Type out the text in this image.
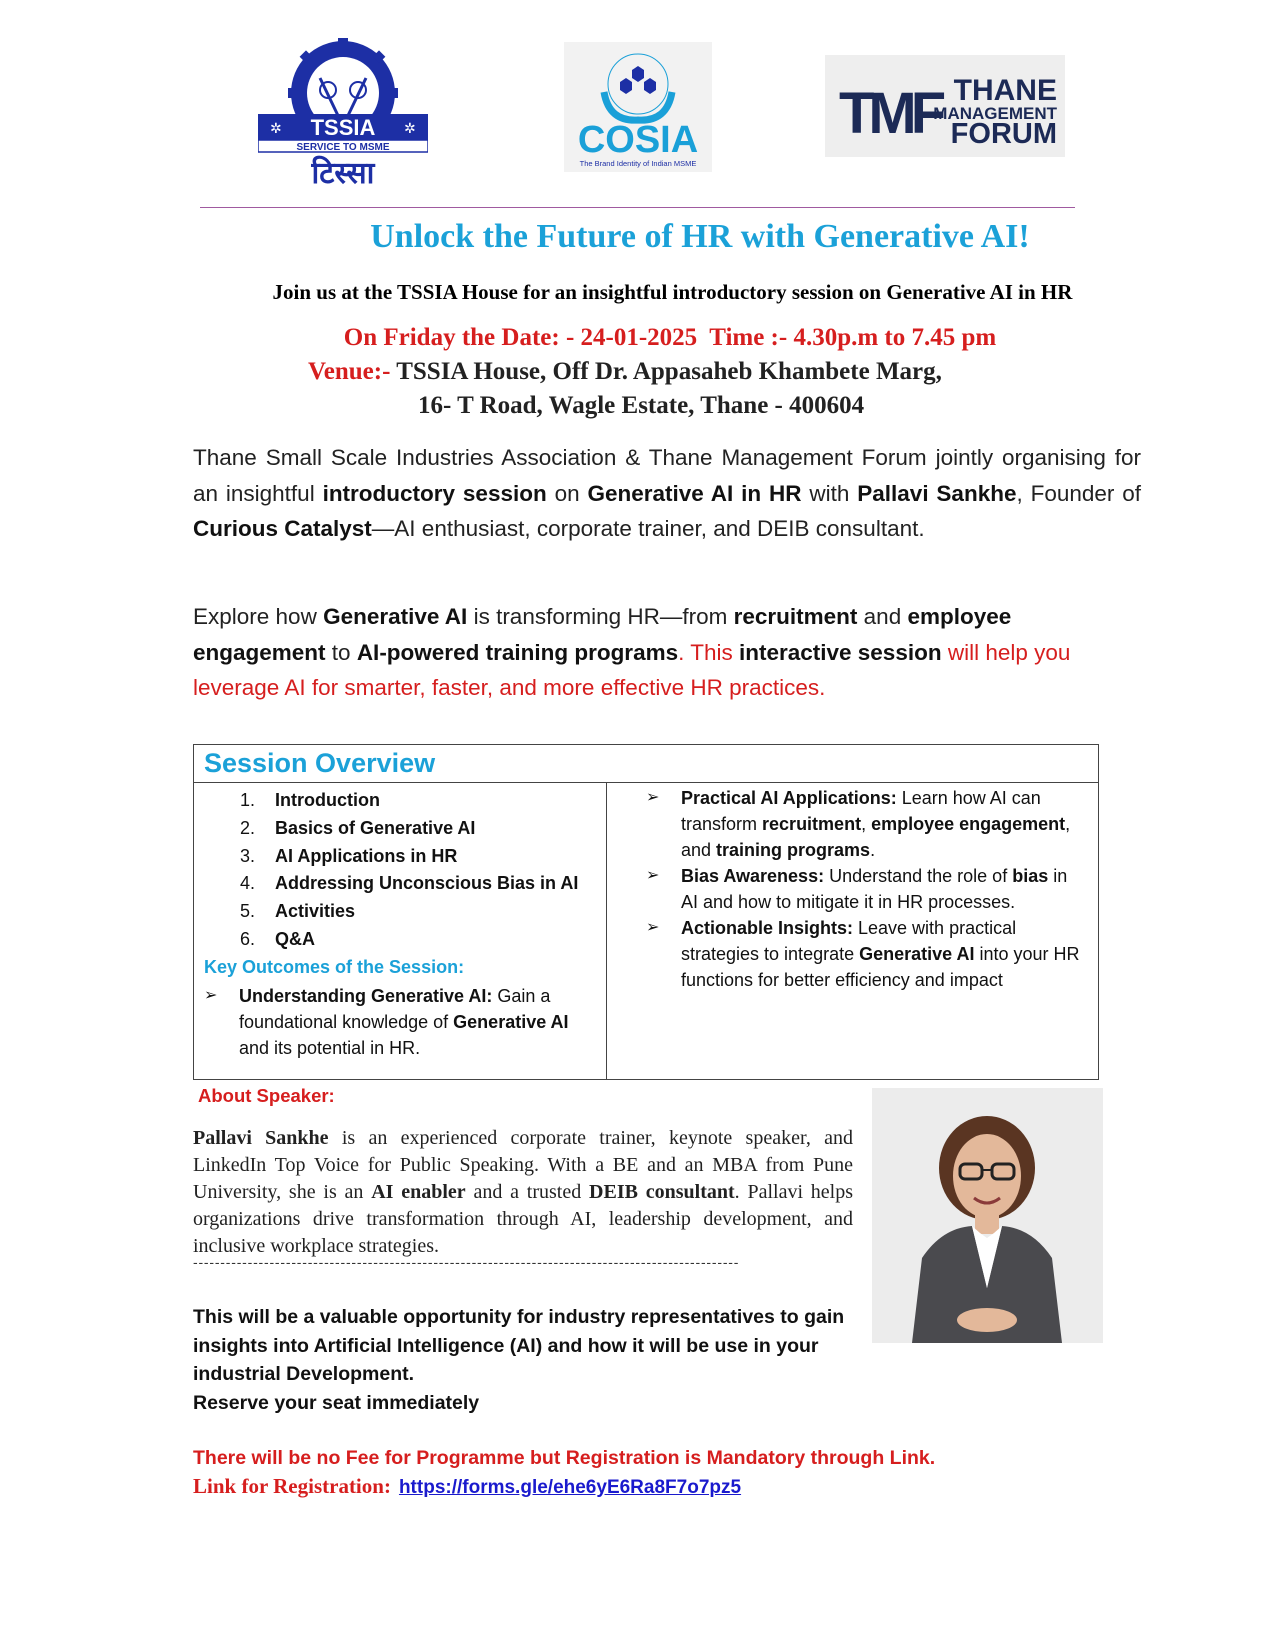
TSSIA
✲	✲
SERVICE TO MSME
टिस्सा
COSIA
The Brand Identity of Indian MSME
TMF THANE
MANAGEMENT
FORUM
Unlock the Future of HR with Generative AI!
Join us at the TSSIA House for an insightful introductory session on Generative AI in HR
On Friday the Date: - 24-01-2025  Time :- 4.30p.m to 7.45 pm
Venue:- TSSIA House, Off Dr. Appasaheb Khambete Marg,
16- T Road, Wagle Estate, Thane - 400604
Thane Small Scale Industries Association & Thane Management Forum jointly organising for an insightful introductory session on Generative AI in HR with Pallavi Sankhe, Founder of Curious Catalyst—AI enthusiast, corporate trainer, and DEIB consultant.
Explore how Generative AI is transforming HR—from recruitment and employee engagement to AI-powered training programs. This interactive session will help you leverage AI for smarter, faster, and more effective HR practices.
Session Overview
1. Introduction
2. Basics of Generative AI
3. AI Applications in HR
4. Addressing Unconscious Bias in AI
5. Activities
6. Q&A
Key Outcomes of the Session:

➢ Understanding Generative AI: Gain a foundational knowledge of Generative AI and its potential in HR.

➢ Practical AI Applications: Learn how AI can transform recruitment, employee engagement, and training programs.

➢ Bias Awareness: Understand the role of bias in AI and how to mitigate it in HR processes.

➢ Actionable Insights: Leave with practical strategies to integrate Generative AI into your HR functions for better efficiency and impact

About Speaker:
Pallavi Sankhe is an experienced corporate trainer, keynote speaker, and LinkedIn Top Voice for Public Speaking. With a BE and an MBA from Pune University, she is an AI enabler and a trusted DEIB consultant. Pallavi helps organizations drive transformation through AI, leadership development, and inclusive workplace strategies.
----------------------------------------------------------------------------------------------------
This will be a valuable opportunity for industry representatives to gain insights into Artificial Intelligence (AI) and how it will be use in your industrial Development.
Reserve your seat immediately
There will be no Fee for Programme but Registration is Mandatory through Link.
Link for Registration: https://forms.gle/ehe6yE6Ra8F7o7pz5
